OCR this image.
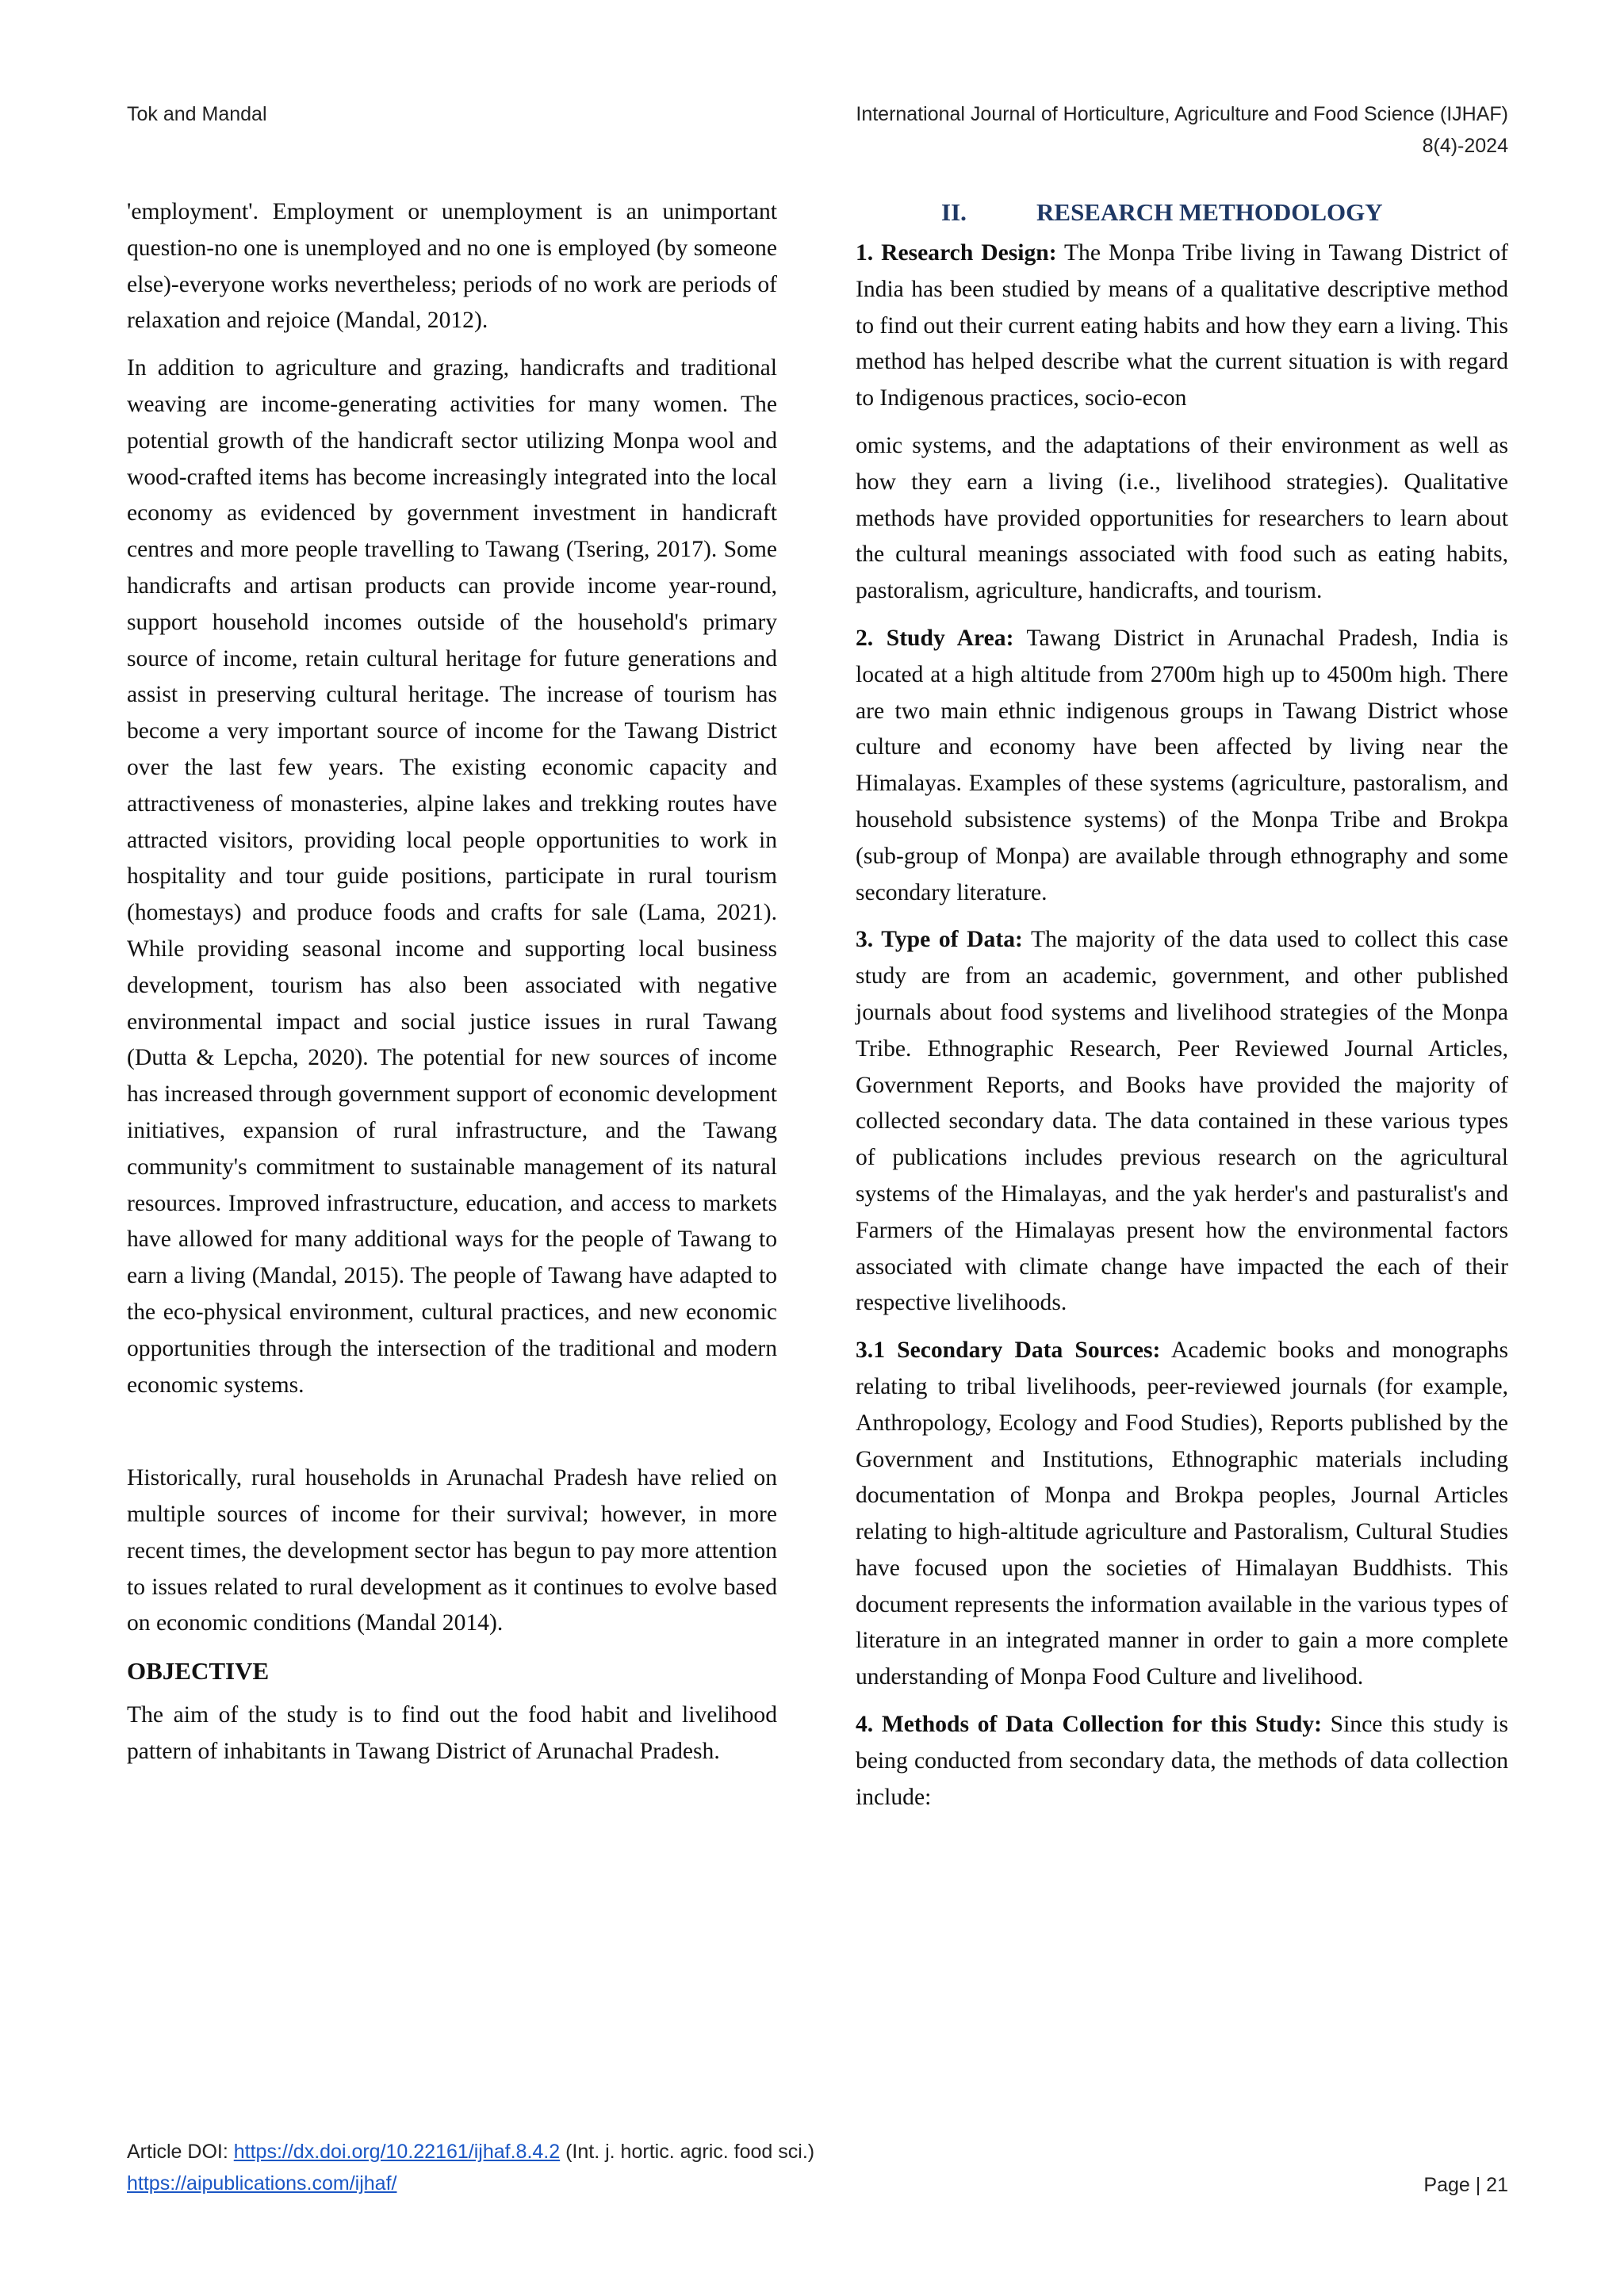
Tok and Mandal	International Journal of Horticulture, Agriculture and Food Science (IJHAF)
8(4)-2024

'employment'. Employment or unemployment is an unimportant question-no one is unemployed and no one is employed (by someone else)-everyone works nevertheless; periods of no work are periods of relaxation and rejoice (Mandal, 2012).

In addition to agriculture and grazing, handicrafts and traditional weaving are income-generating activities for many women. The potential growth of the handicraft sector utilizing Monpa wool and wood-crafted items has become increasingly integrated into the local economy as evidenced by government investment in handicraft centres and more people travelling to Tawang (Tsering, 2017). Some handicrafts and artisan products can provide income year-round, support household incomes outside of the household's primary source of income, retain cultural heritage for future generations and assist in preserving cultural heritage. The increase of tourism has become a very important source of income for the Tawang District over the last few years. The existing economic capacity and attractiveness of monasteries, alpine lakes and trekking routes have attracted visitors, providing local people opportunities to work in hospitality and tour guide positions, participate in rural tourism (homestays) and produce foods and crafts for sale (Lama, 2021). While providing seasonal income and supporting local business development, tourism has also been associated with negative environmental impact and social justice issues in rural Tawang (Dutta & Lepcha, 2020). The potential for new sources of income has increased through government support of economic development initiatives, expansion of rural infrastructure, and the Tawang community's commitment to sustainable management of its natural resources. Improved infrastructure, education, and access to markets have allowed for many additional ways for the people of Tawang to earn a living (Mandal, 2015). The people of Tawang have adapted to the eco-physical environment, cultural practices, and new economic opportunities through the intersection of the traditional and modern economic systems.

Historically, rural households in Arunachal Pradesh have relied on multiple sources of income for their survival; however, in more recent times, the development sector has begun to pay more attention to issues related to rural development as it continues to evolve based on economic conditions (Mandal 2014).

OBJECTIVE

The aim of the study is to find out the food habit and livelihood pattern of inhabitants in Tawang District of Arunachal Pradesh.

II.	RESEARCH METHODOLOGY

1. Research Design: The Monpa Tribe living in Tawang District of India has been studied by means of a qualitative descriptive method to find out their current eating habits and how they earn a living. This method has helped describe what the current situation is with regard to Indigenous practices, socio-econ

omic systems, and the adaptations of their environment as well as how they earn a living (i.e., livelihood strategies). Qualitative methods have provided opportunities for researchers to learn about the cultural meanings associated with food such as eating habits, pastoralism, agriculture, handicrafts, and tourism.

2. Study Area: Tawang District in Arunachal Pradesh, India is located at a high altitude from 2700m high up to 4500m high. There are two main ethnic indigenous groups in Tawang District whose culture and economy have been affected by living near the Himalayas. Examples of these systems (agriculture, pastoralism, and household subsistence systems) of the Monpa Tribe and Brokpa (sub-group of Monpa) are available through ethnography and some secondary literature.

3. Type of Data: The majority of the data used to collect this case study are from an academic, government, and other published journals about food systems and livelihood strategies of the Monpa Tribe. Ethnographic Research, Peer Reviewed Journal Articles, Government Reports, and Books have provided the majority of collected secondary data. The data contained in these various types of publications includes previous research on the agricultural systems of the Himalayas, and the yak herder's and pasturalist's and Farmers of the Himalayas present how the environmental factors associated with climate change have impacted the each of their respective livelihoods.

3.1 Secondary Data Sources: Academic books and monographs relating to tribal livelihoods, peer-reviewed journals (for example, Anthropology, Ecology and Food Studies), Reports published by the Government and Institutions, Ethnographic materials including documentation of Monpa and Brokpa peoples, Journal Articles relating to high-altitude agriculture and Pastoralism, Cultural Studies have focused upon the societies of Himalayan Buddhists. This document represents the information available in the various types of literature in an integrated manner in order to gain a more complete understanding of Monpa Food Culture and livelihood.

4. Methods of Data Collection for this Study: Since this study is being conducted from secondary data, the methods of data collection include:

Article DOI: https://dx.doi.org/10.22161/ijhaf.8.4.2 (Int. j. hortic. agric. food sci.)
https://aipublications.com/ijhaf/	Page | 21
